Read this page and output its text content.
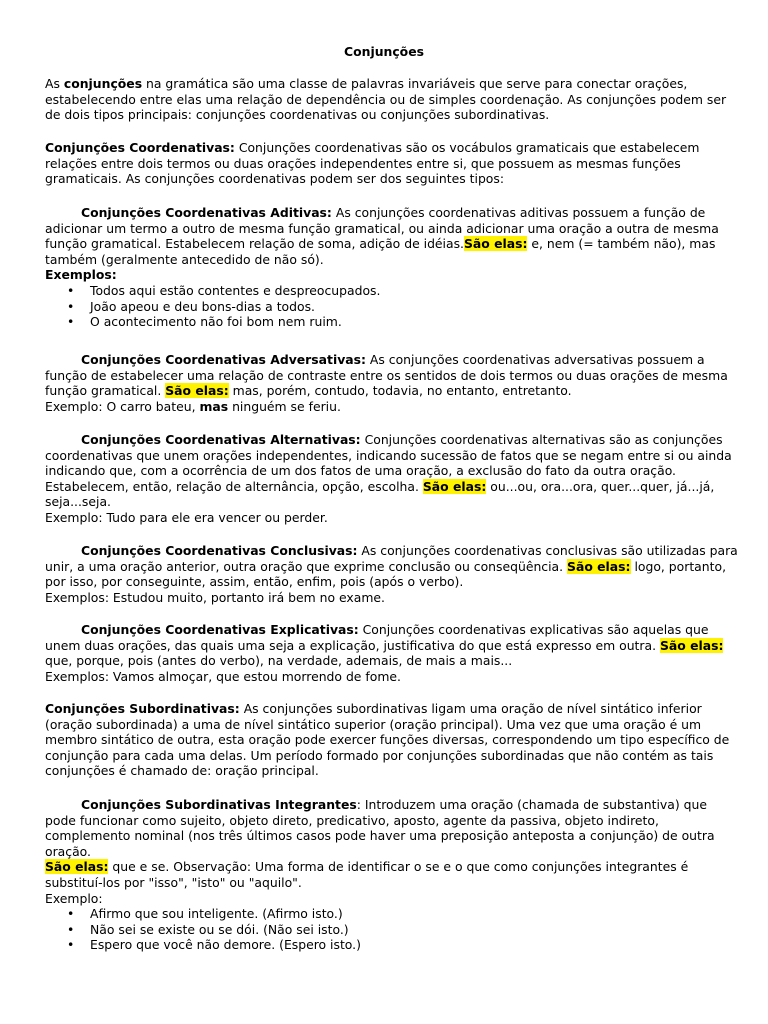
Conjunções

As conjunções na gramática são uma classe de palavras invariáveis que serve para conectar orações, estabelecendo entre elas uma relação de dependência ou de simples coordenação. As conjunções podem ser de dois tipos principais: conjunções coordenativas ou conjunções subordinativas.

Conjunções Coordenativas: Conjunções coordenativas são os vocábulos gramaticais que estabelecem relações entre dois termos ou duas orações independentes entre si, que possuem as mesmas funções gramaticais. As conjunções coordenativas podem ser dos seguintes tipos:

Conjunções Coordenativas Aditivas: As conjunções coordenativas aditivas possuem a função de adicionar um termo a outro de mesma função gramatical, ou ainda adicionar uma oração a outra de mesma função gramatical. Estabelecem relação de soma, adição de idéias.São elas: e, nem (= também não), mas também (geralmente antecedido de não só).

Exemplos:

• Todos aqui estão contentes e despreocupados.
• João apeou e deu bons-dias a todos.
• O acontecimento não foi bom nem ruim.

Conjunções Coordenativas Adversativas: As conjunções coordenativas adversativas possuem a função de estabelecer uma relação de contraste entre os sentidos de dois termos ou duas orações de mesma função gramatical. São elas: mas, porém, contudo, todavia, no entanto, entretanto.

Exemplo: O carro bateu, mas ninguém se feriu.

Conjunções Coordenativas Alternativas: Conjunções coordenativas alternativas são as conjunções coordenativas que unem orações independentes, indicando sucessão de fatos que se negam entre si ou ainda indicando que, com a ocorrência de um dos fatos de uma oração, a exclusão do fato da outra oração. Estabelecem, então, relação de alternância, opção, escolha. São elas: ou...ou, ora...ora, quer...quer, já...já, seja...seja.

Exemplo: Tudo para ele era vencer ou perder.

Conjunções Coordenativas Conclusivas: As conjunções coordenativas conclusivas são utilizadas para unir, a uma oração anterior, outra oração que exprime conclusão ou conseqüência. São elas: logo, portanto, por isso, por conseguinte, assim, então, enfim, pois (após o verbo).

Exemplos: Estudou muito, portanto irá bem no exame.

Conjunções Coordenativas Explicativas: Conjunções coordenativas explicativas são aquelas que unem duas orações, das quais uma seja a explicação, justificativa do que está expresso em outra. São elas: que, porque, pois (antes do verbo), na verdade, ademais, de mais a mais...

Exemplos: Vamos almoçar, que estou morrendo de fome.

Conjunções Subordinativas: As conjunções subordinativas ligam uma oração de nível sintático inferior (oração subordinada) a uma de nível sintático superior (oração principal). Uma vez que uma oração é um membro sintático de outra, esta oração pode exercer funções diversas, correspondendo um tipo específico de conjunção para cada uma delas. Um período formado por conjunções subordinadas que não contém as tais conjunções é chamado de: oração principal.

Conjunções Subordinativas Integrantes: Introduzem uma oração (chamada de substantiva) que pode funcionar como sujeito, objeto direto, predicativo, aposto, agente da passiva, objeto indireto, complemento nominal (nos três últimos casos pode haver uma preposição anteposta a conjunção) de outra oração.

São elas: que e se. Observação: Uma forma de identificar o se e o que como conjunções integrantes é substituí-los por "isso", "isto" ou "aquilo".

Exemplo:

• Afirmo que sou inteligente. (Afirmo isto.)
• Não sei se existe ou se dói. (Não sei isto.)
• Espero que você não demore. (Espero isto.)
